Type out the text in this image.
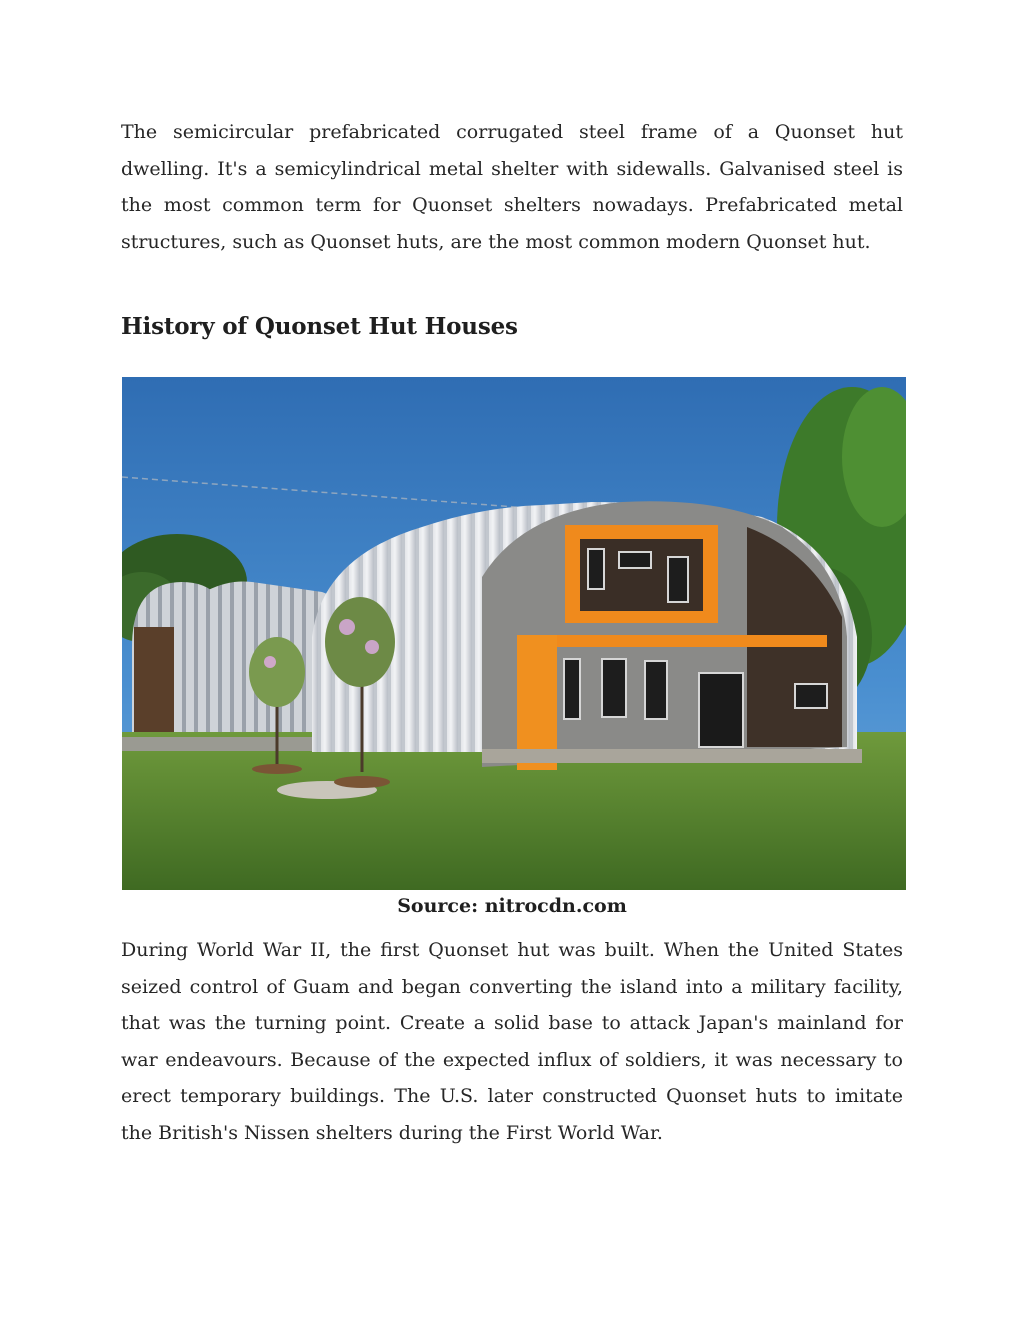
The semicircular prefabricated corrugated steel frame of a Quonset hut dwelling. It's a semicylindrical metal shelter with sidewalls. Galvanised steel is the most common term for Quonset shelters nowadays. Prefabricated metal structures, such as Quonset huts, are the most common modern Quonset hut.

History of Quonset Hut Houses

Source: nitrocdn.com

During World War II, the first Quonset hut was built. When the United States seized control of Guam and began converting the island into a military facility, that was the turning point. Create a solid base to attack Japan's mainland for war endeavours. Because of the expected influx of soldiers, it was necessary to erect temporary buildings. The U.S. later constructed Quonset huts to imitate the British's Nissen shelters during the First World War.
